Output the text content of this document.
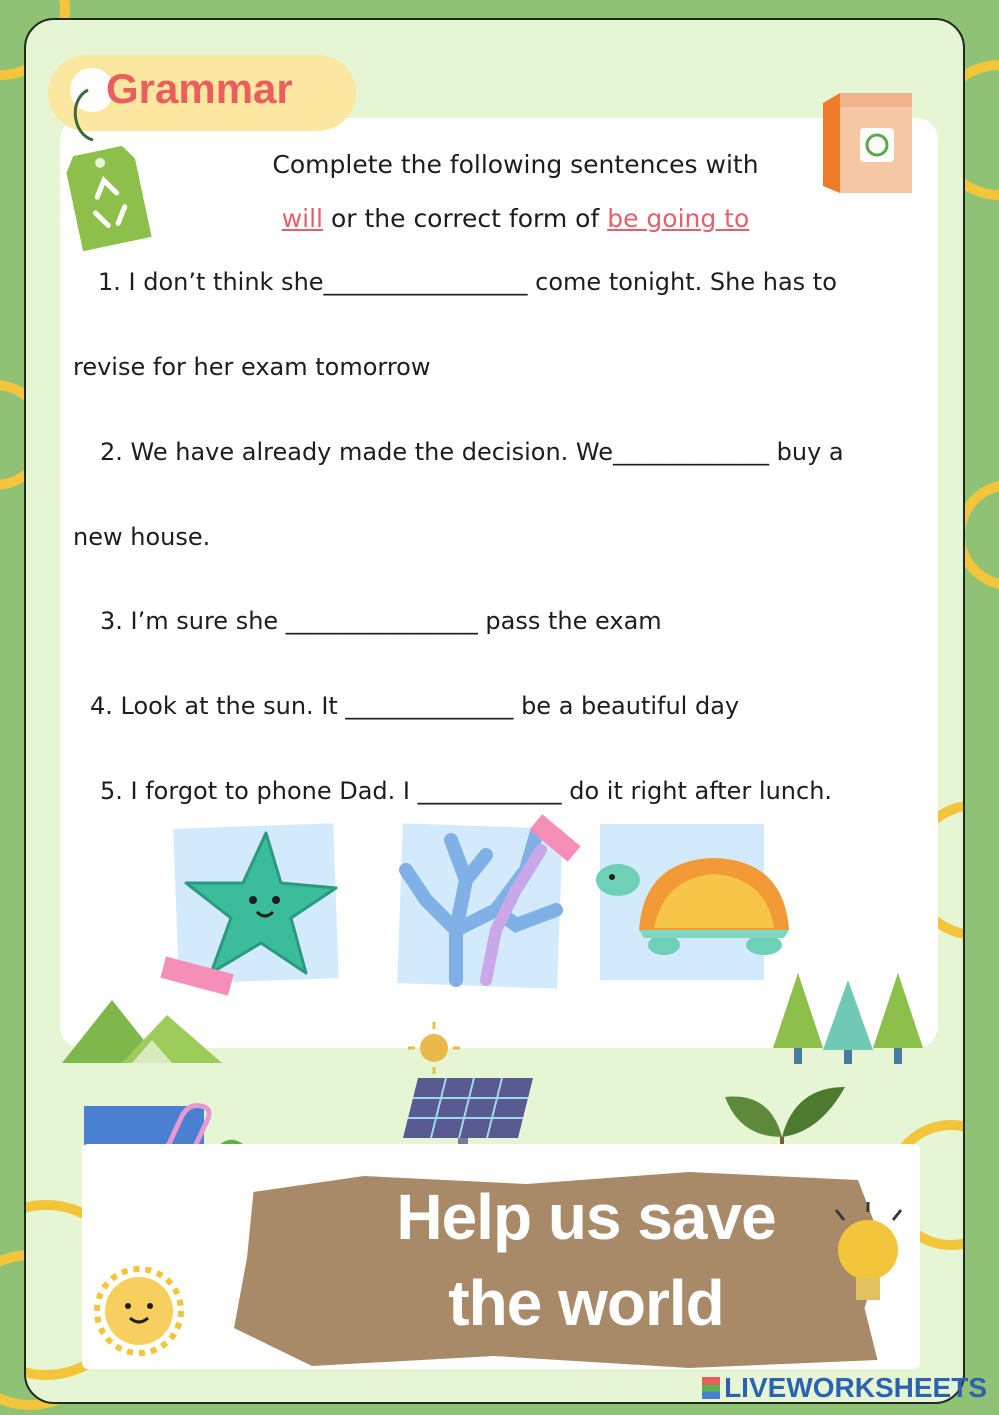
Grammar
Complete the following sentences with
will or the correct form of be going to
1. I don’t think she_________________ come tonight. She has to
revise for her exam tomorrow
2. We have already made the decision. We_____________ buy a
new house.
3. I’m sure she ________________ pass the exam
4. Look at the sun. It ______________ be a beautiful day
5. I forgot to phone Dad. I ____________ do it right after lunch.
Help us save
the world
LIVEWORKSHEETS
